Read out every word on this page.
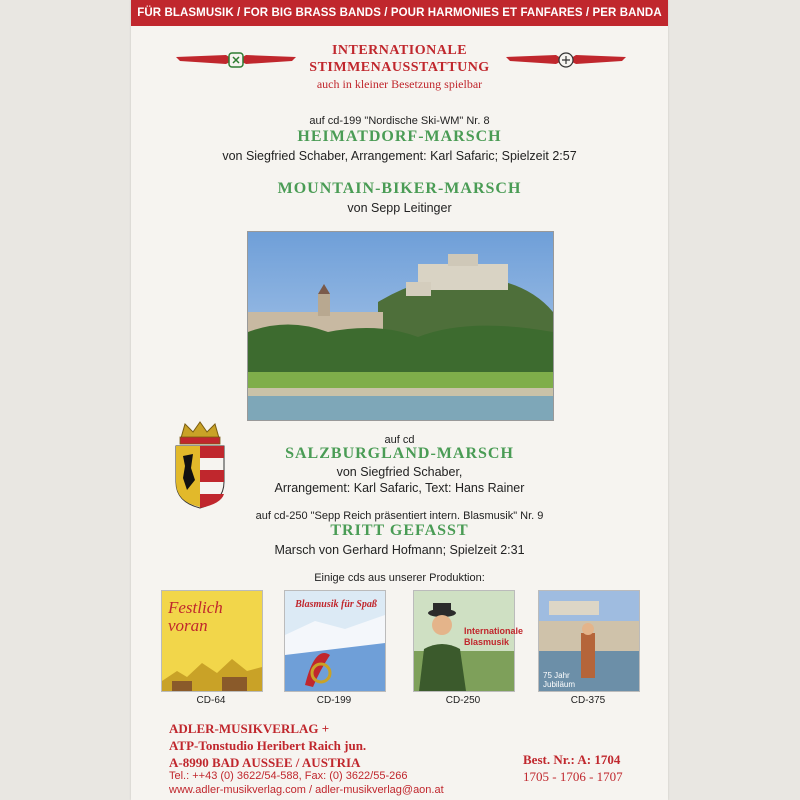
FÜR BLASMUSIK / FOR BIG BRASS BANDS / POUR HARMONIES ET FANFARES / PER BANDA
INTERNATIONALE
STIMMENAUSSTATTUNG
auch in kleiner Besetzung spielbar
auf cd-199 "Nordische Ski-WM" Nr. 8
HEIMATDORF-MARSCH
von Siegfried Schaber, Arrangement: Karl Safaric; Spielzeit 2:57
MOUNTAIN-BIKER-MARSCH
von Sepp Leitinger
auf cd
SALZBURGLAND-MARSCH
von Siegfried Schaber,
Arrangement: Karl Safaric, Text: Hans Rainer
auf cd-250 "Sepp Reich präsentiert intern. Blasmusik" Nr. 9
TRITT GEFASST
Marsch von Gerhard Hofmann; Spielzeit 2:31
Einige cds aus unserer Produktion:
Festlich voran
CD-64
Blasmusik für Spaß
CD-199
Internationale Blasmusik
CD-250
75 Jahr Jubiläum
CD-375
ADLER-MUSIKVERLAG +
ATP-Tonstudio Heribert Raich jun.
A-8990 BAD AUSSEE / AUSTRIA
Tel.: ++43 (0) 3622/54-588, Fax: (0) 3622/55-266
www.adler-musikverlag.com / adler-musikverlag@aon.at
Best. Nr.: A: 1704
1705 - 1706 - 1707
